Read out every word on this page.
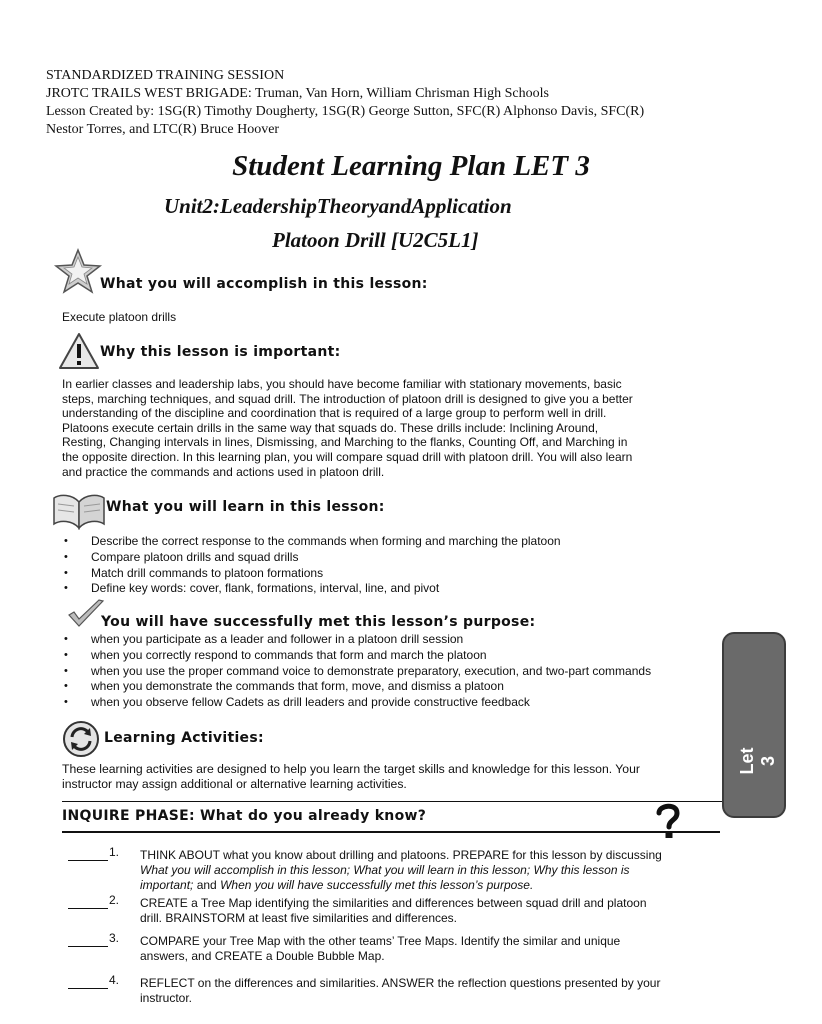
STANDARDIZED TRAINING SESSION
JROTC TRAILS WEST BRIGADE: Truman, Van Horn, William Chrisman High Schools
Lesson Created by: 1SG(R) Timothy Dougherty, 1SG(R) George Sutton, SFC(R) Alphonso Davis, SFC(R)
Nestor Torres, and LTC(R) Bruce Hoover
Student Learning Plan LET 3
Unit2:LeadershipTheoryandApplication
Platoon Drill [U2C5L1]
What you will accomplish in this lesson:
Execute platoon drills
Why this lesson is important:
In earlier classes and leadership labs, you should have become familiar with stationary movements, basic
steps, marching techniques, and squad drill. The introduction of platoon drill is designed to give you a better
understanding of the discipline and coordination that is required of a large group to perform well in drill.
Platoons execute certain drills in the same way that squads do. These drills include: Inclining Around,
Resting, Changing intervals in lines, Dismissing, and Marching to the flanks, Counting Off, and Marching in
the opposite direction. In this learning plan, you will compare squad drill with platoon drill. You will also learn
and practice the commands and actions used in platoon drill.
What you will learn in this lesson:
• Describe the correct response to the commands when forming and marching the platoon
• Compare platoon drills and squad drills
• Match drill commands to platoon formations
• Define key words: cover, flank, formations, interval, line, and pivot
You will have successfully met this lesson’s purpose:
• when you participate as a leader and follower in a platoon drill session
• when you correctly respond to commands that form and march the platoon
• when you use the proper command voice to demonstrate preparatory, execution, and two-part commands
• when you demonstrate the commands that form, move, and dismiss a platoon
• when you observe fellow Cadets as drill leaders and provide constructive feedback
Let 3
Learning Activities:
These learning activities are designed to help you learn the target skills and knowledge for this lesson. Your
instructor may assign additional or alternative learning activities.
INQUIRE PHASE: What do you already know?
1. THINK ABOUT what you know about drilling and platoons. PREPARE for this lesson by discussing
What you will accomplish in this lesson; What you will learn in this lesson; Why this lesson is
important; and When you will have successfully met this lesson’s purpose.
2. CREATE a Tree Map identifying the similarities and differences between squad drill and platoon
drill. BRAINSTORM at least five similarities and differences.
3. COMPARE your Tree Map with the other teams’ Tree Maps. Identify the similar and unique
answers, and CREATE a Double Bubble Map.
4. REFLECT on the differences and similarities. ANSWER the reflection questions presented by your
instructor.
